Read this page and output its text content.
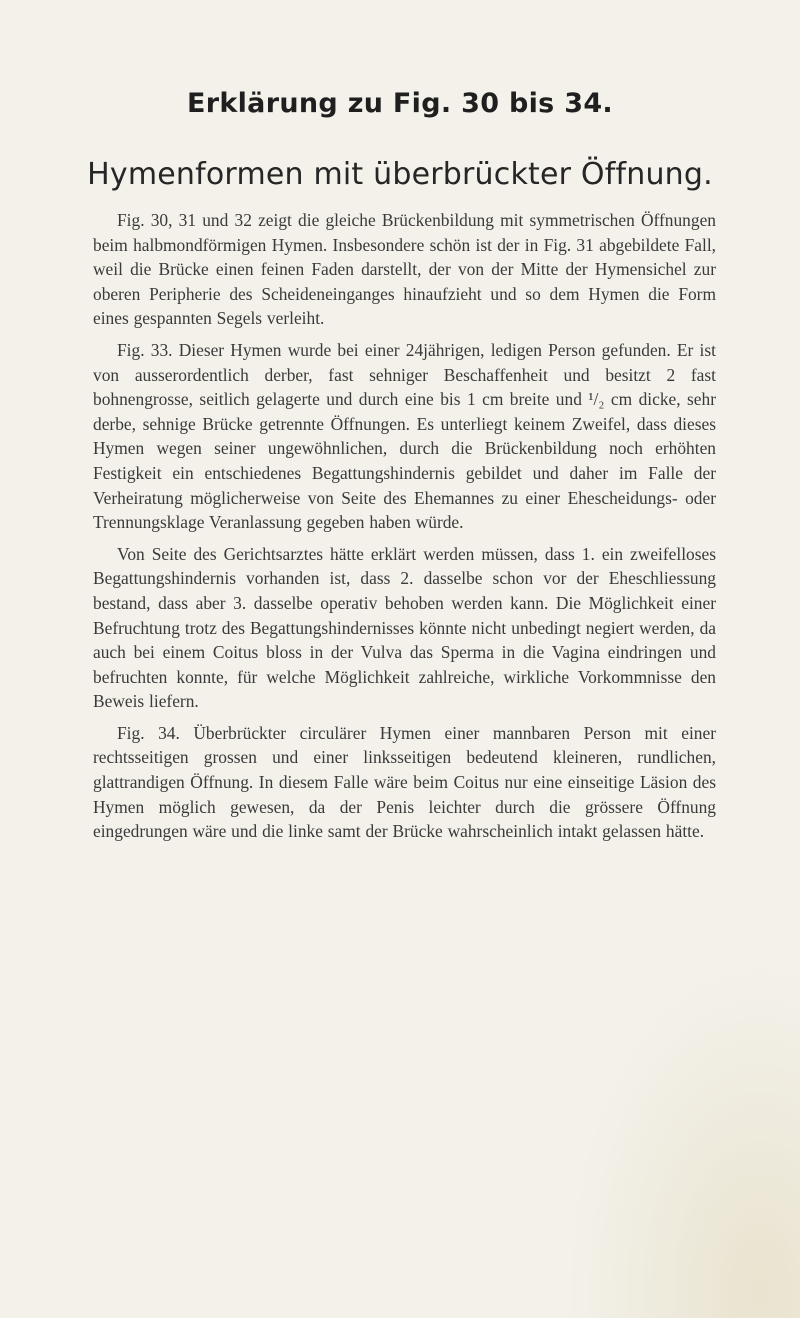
Erklärung zu Fig. 30 bis 34.
Hymenformen mit überbrückter Öffnung.

Fig. 30, 31 und 32 zeigt die gleiche Brückenbildung mit symmetrischen Öffnungen beim halbmondförmigen Hymen. Insbesondere schön ist der in Fig. 31 abgebildete Fall, weil die Brücke einen feinen Faden darstellt, der von der Mitte der Hymensichel zur oberen Peripherie des Scheideneinganges hinaufzieht und so dem Hymen die Form eines gespannten Segels verleiht.

Fig. 33. Dieser Hymen wurde bei einer 24jährigen, ledigen Person gefunden. Er ist von ausserordentlich derber, fast sehniger Beschaffenheit und besitzt 2 fast bohnengrosse, seitlich gelagerte und durch eine bis 1 cm breite und ¹/₂ cm dicke, sehr derbe, sehnige Brücke getrennte Öffnungen. Es unterliegt keinem Zweifel, dass dieses Hymen wegen seiner ungewöhnlichen, durch die Brückenbildung noch erhöhten Festigkeit ein entschiedenes Begattungshindernis gebildet und daher im Falle der Verheiratung möglicherweise von Seite des Ehemannes zu einer Ehescheidungs- oder Trennungsklage Veranlassung gegeben haben würde.

Von Seite des Gerichtsarztes hätte erklärt werden müssen, dass 1. ein zweifelloses Begattungshindernis vorhanden ist, dass 2. dasselbe schon vor der Eheschliessung bestand, dass aber 3. dasselbe operativ behoben werden kann. Die Möglichkeit einer Befruchtung trotz des Begattungshindernisses könnte nicht unbedingt negiert werden, da auch bei einem Coitus bloss in der Vulva das Sperma in die Vagina eindringen und befruchten konnte, für welche Möglichkeit zahlreiche, wirkliche Vorkommnisse den Beweis liefern.

Fig. 34. Überbrückter circulärer Hymen einer mannbaren Person mit einer rechtsseitigen grossen und einer linksseitigen bedeutend kleineren, rundlichen, glattrandigen Öffnung. In diesem Falle wäre beim Coitus nur eine einseitige Läsion des Hymen möglich gewesen, da der Penis leichter durch die grössere Öffnung eingedrungen wäre und die linke samt der Brücke wahrscheinlich intakt gelassen hätte.
